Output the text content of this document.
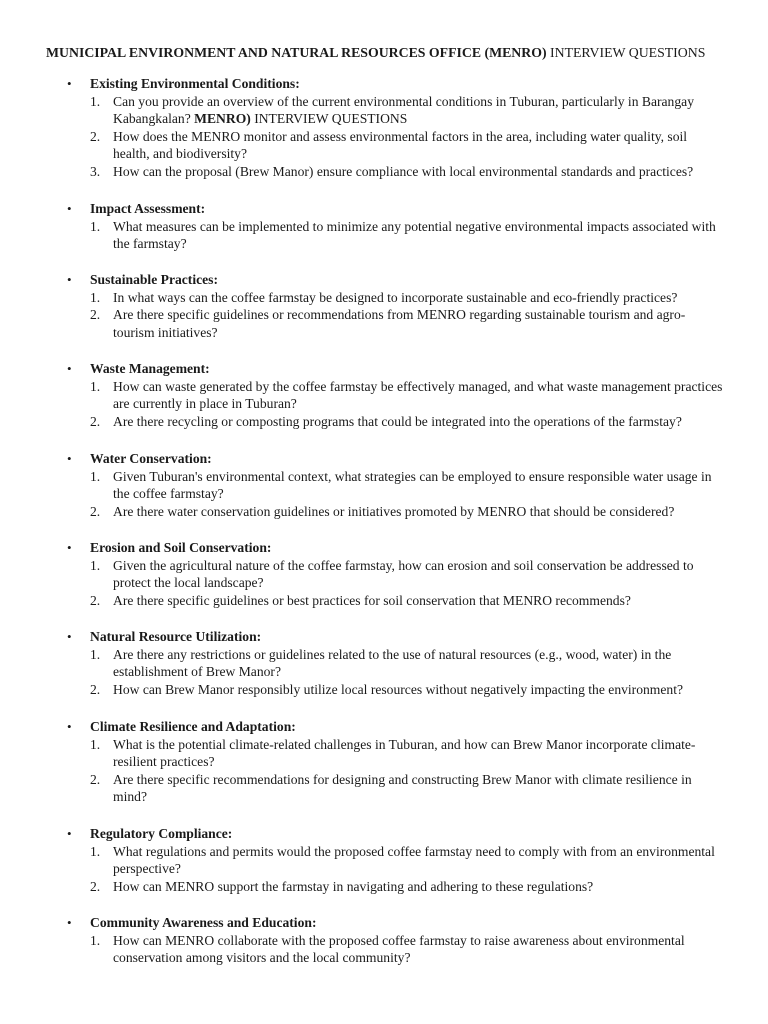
MUNICIPAL ENVIRONMENT AND NATURAL RESOURCES OFFICE (MENRO) INTERVIEW QUESTIONS
• Existing Environmental Conditions:
1. Can you provide an overview of the current environmental conditions in Tuburan, particularly in Barangay Kabangkalan? MENRO) INTERVIEW QUESTIONS
2. How does the MENRO monitor and assess environmental factors in the area, including water quality, soil health, and biodiversity?
3. How can the proposal (Brew Manor) ensure compliance with local environmental standards and practices?
• Impact Assessment:
1. What measures can be implemented to minimize any potential negative environmental impacts associated with the farmstay?
• Sustainable Practices:
1. In what ways can the coffee farmstay be designed to incorporate sustainable and eco-friendly practices?
2. Are there specific guidelines or recommendations from MENRO regarding sustainable tourism and agro-tourism initiatives?
• Waste Management:
1. How can waste generated by the coffee farmstay be effectively managed, and what waste management practices are currently in place in Tuburan?
2. Are there recycling or composting programs that could be integrated into the operations of the farmstay?
• Water Conservation:
1. Given Tuburan's environmental context, what strategies can be employed to ensure responsible water usage in the coffee farmstay?
2. Are there water conservation guidelines or initiatives promoted by MENRO that should be considered?
• Erosion and Soil Conservation:
1. Given the agricultural nature of the coffee farmstay, how can erosion and soil conservation be addressed to protect the local landscape?
2. Are there specific guidelines or best practices for soil conservation that MENRO recommends?
• Natural Resource Utilization:
1. Are there any restrictions or guidelines related to the use of natural resources (e.g., wood, water) in the establishment of Brew Manor?
2. How can Brew Manor responsibly utilize local resources without negatively impacting the environment?
• Climate Resilience and Adaptation:
1. What is the potential climate-related challenges in Tuburan, and how can Brew Manor incorporate climate-resilient practices?
2. Are there specific recommendations for designing and constructing Brew Manor with climate resilience in mind?
• Regulatory Compliance:
1. What regulations and permits would the proposed coffee farmstay need to comply with from an environmental perspective?
2. How can MENRO support the farmstay in navigating and adhering to these regulations?
• Community Awareness and Education:
1. How can MENRO collaborate with the proposed coffee farmstay to raise awareness about environmental conservation among visitors and the local community?
